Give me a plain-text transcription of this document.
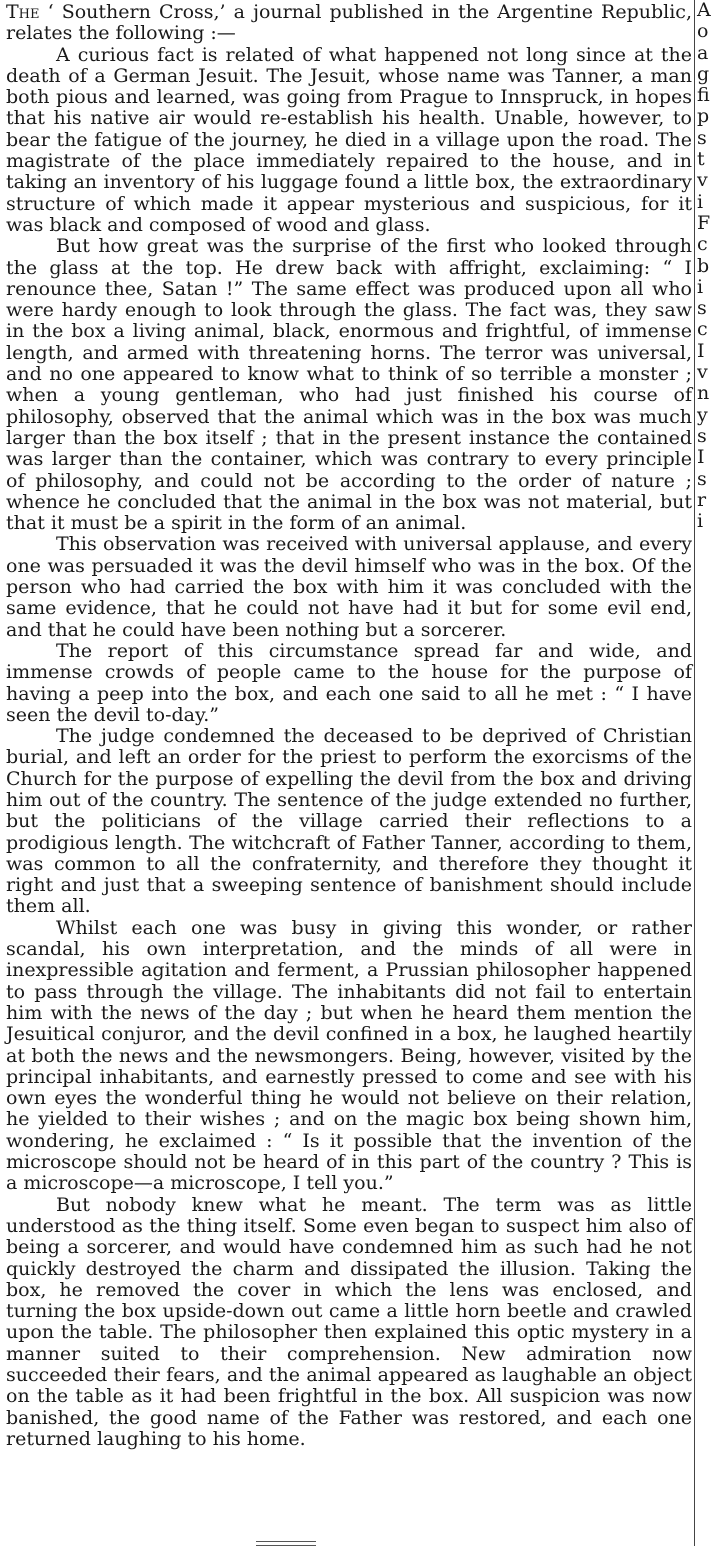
The ‘ Southern Cross,’ a journal published in the Argentine Republic, relates the following :—

A curious fact is related of what happened not long since at the death of a German Jesuit. The Jesuit, whose name was Tanner, a man both pious and learned, was going from Prague to Innspruck, in hopes that his native air would re-establish his health. Unable, however, to bear the fatigue of the journey, he died in a village upon the road. The magistrate of the place immediately repaired to the house, and in taking an inventory of his luggage found a little box, the extraordinary structure of which made it appear mysterious and suspicious, for it was black and composed of wood and glass.

But how great was the surprise of the first who looked through the glass at the top. He drew back with affright, exclaiming: “ I renounce thee, Satan !” The same effect was produced upon all who were hardy enough to look through the glass. The fact was, they saw in the box a living animal, black, enormous and frightful, of immense length, and armed with threatening horns. The terror was universal, and no one appeared to know what to think of so terrible a monster ; when a young gentleman, who had just finished his course of philosophy, observed that the animal which was in the box was much larger than the box itself ; that in the present instance the contained was larger than the container, which was contrary to every principle of philosophy, and could not be according to the order of nature ; whence he concluded that the animal in the box was not material, but that it must be a spirit in the form of an animal.

This observation was received with universal applause, and every one was persuaded it was the devil himself who was in the box. Of the person who had carried the box with him it was concluded with the same evidence, that he could not have had it but for some evil end, and that he could have been nothing but a sorcerer.

The report of this circumstance spread far and wide, and immense crowds of people came to the house for the purpose of having a peep into the box, and each one said to all he met : “ I have seen the devil to-day.”

The judge condemned the deceased to be deprived of Christian burial, and left an order for the priest to perform the exorcisms of the Church for the purpose of expelling the devil from the box and driving him out of the country. The sentence of the judge extended no further, but the politicians of the village carried their reflections to a prodigious length. The witchcraft of Father Tanner, according to them, was common to all the confraternity, and therefore they thought it right and just that a sweeping sentence of banishment should include them all.

Whilst each one was busy in giving this wonder, or rather scandal, his own interpretation, and the minds of all were in inexpressible agitation and ferment, a Prussian philosopher happened to pass through the village. The inhabitants did not fail to entertain him with the news of the day ; but when he heard them mention the Jesuitical conjuror, and the devil confined in a box, he laughed heartily at both the news and the newsmongers. Being, however, visited by the principal inhabitants, and earnestly pressed to come and see with his own eyes the wonderful thing he would not believe on their relation, he yielded to their wishes ; and on the magic box being shown him, wondering, he exclaimed : “ Is it possible that the invention of the microscope should not be heard of in this part of the country ? This is a microscope—a microscope, I tell you.”

But nobody knew what he meant. The term was as little understood as the thing itself. Some even began to suspect him also of being a sorcerer, and would have condemned him as such had he not quickly destroyed the charm and dissipated the illusion. Taking the box, he removed the cover in which the lens was enclosed, and turning the box upside-down out came a little horn beetle and crawled upon the table. The philosopher then explained this optic mystery in a manner suited to their comprehension. New admiration now succeeded their fears, and the animal appeared as laughable an object on the table as it had been frightful in the box. All suspicion was now banished, the good name of the Father was restored, and each one returned laughing to his home.

A
o
a
g
fi
p
s
t
v
i
F
c
b
i
s
c
I
v
n
y
s
I
s
r
i
